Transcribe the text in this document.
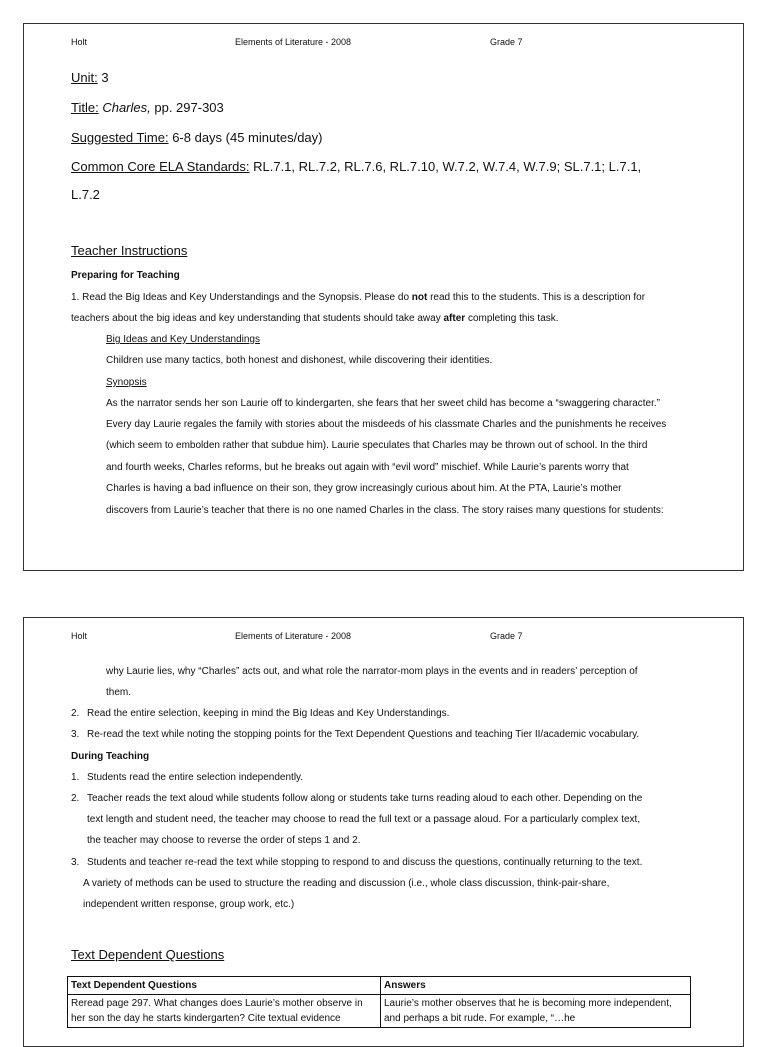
Holt	Elements of Literature - 2008	Grade 7
Unit: 3
Title: Charles, pp. 297-303
Suggested Time: 6-8 days (45 minutes/day)
Common Core ELA Standards: RL.7.1, RL.7.2, RL.7.6, RL.7.10, W.7.2, W.7.4, W.7.9; SL.7.1; L.7.1,
L.7.2
Teacher Instructions
Preparing for Teaching
1. Read the Big Ideas and Key Understandings and the Synopsis. Please do not read this to the students. This is a description for
teachers about the big ideas and key understanding that students should take away after completing this task.
Big Ideas and Key Understandings
Children use many tactics, both honest and dishonest, while discovering their identities.
Synopsis
As the narrator sends her son Laurie off to kindergarten, she fears that her sweet child has become a “swaggering character.”
Every day Laurie regales the family with stories about the misdeeds of his classmate Charles and the punishments he receives
(which seem to embolden rather that subdue him). Laurie speculates that Charles may be thrown out of school. In the third
and fourth weeks, Charles reforms, but he breaks out again with “evil word” mischief. While Laurie’s parents worry that
Charles is having a bad influence on their son, they grow increasingly curious about him. At the PTA, Laurie’s mother
discovers from Laurie’s teacher that there is no one named Charles in the class. The story raises many questions for students:
Holt	Elements of Literature - 2008	Grade 7
why Laurie lies, why “Charles” acts out, and what role the narrator-mom plays in the events and in readers’ perception of
them.
2. Read the entire selection, keeping in mind the Big Ideas and Key Understandings.
3. Re-read the text while noting the stopping points for the Text Dependent Questions and teaching Tier II/academic vocabulary.
During Teaching
1. Students read the entire selection independently.
2. Teacher reads the text aloud while students follow along or students take turns reading aloud to each other. Depending on the
text length and student need, the teacher may choose to read the full text or a passage aloud. For a particularly complex text,
the teacher may choose to reverse the order of steps 1 and 2.
3. Students and teacher re-read the text while stopping to respond to and discuss the questions, continually returning to the text.
A variety of methods can be used to structure the reading and discussion (i.e., whole class discussion, think-pair-share,
independent written response, group work, etc.)
Text Dependent Questions
Text Dependent Questions	Answers
Reread page 297. What changes does Laurie’s mother observe in her son the day he starts kindergarten? Cite textual evidence	Laurie’s mother observes that he is becoming more independent, and perhaps a bit rude. For example, “…he
